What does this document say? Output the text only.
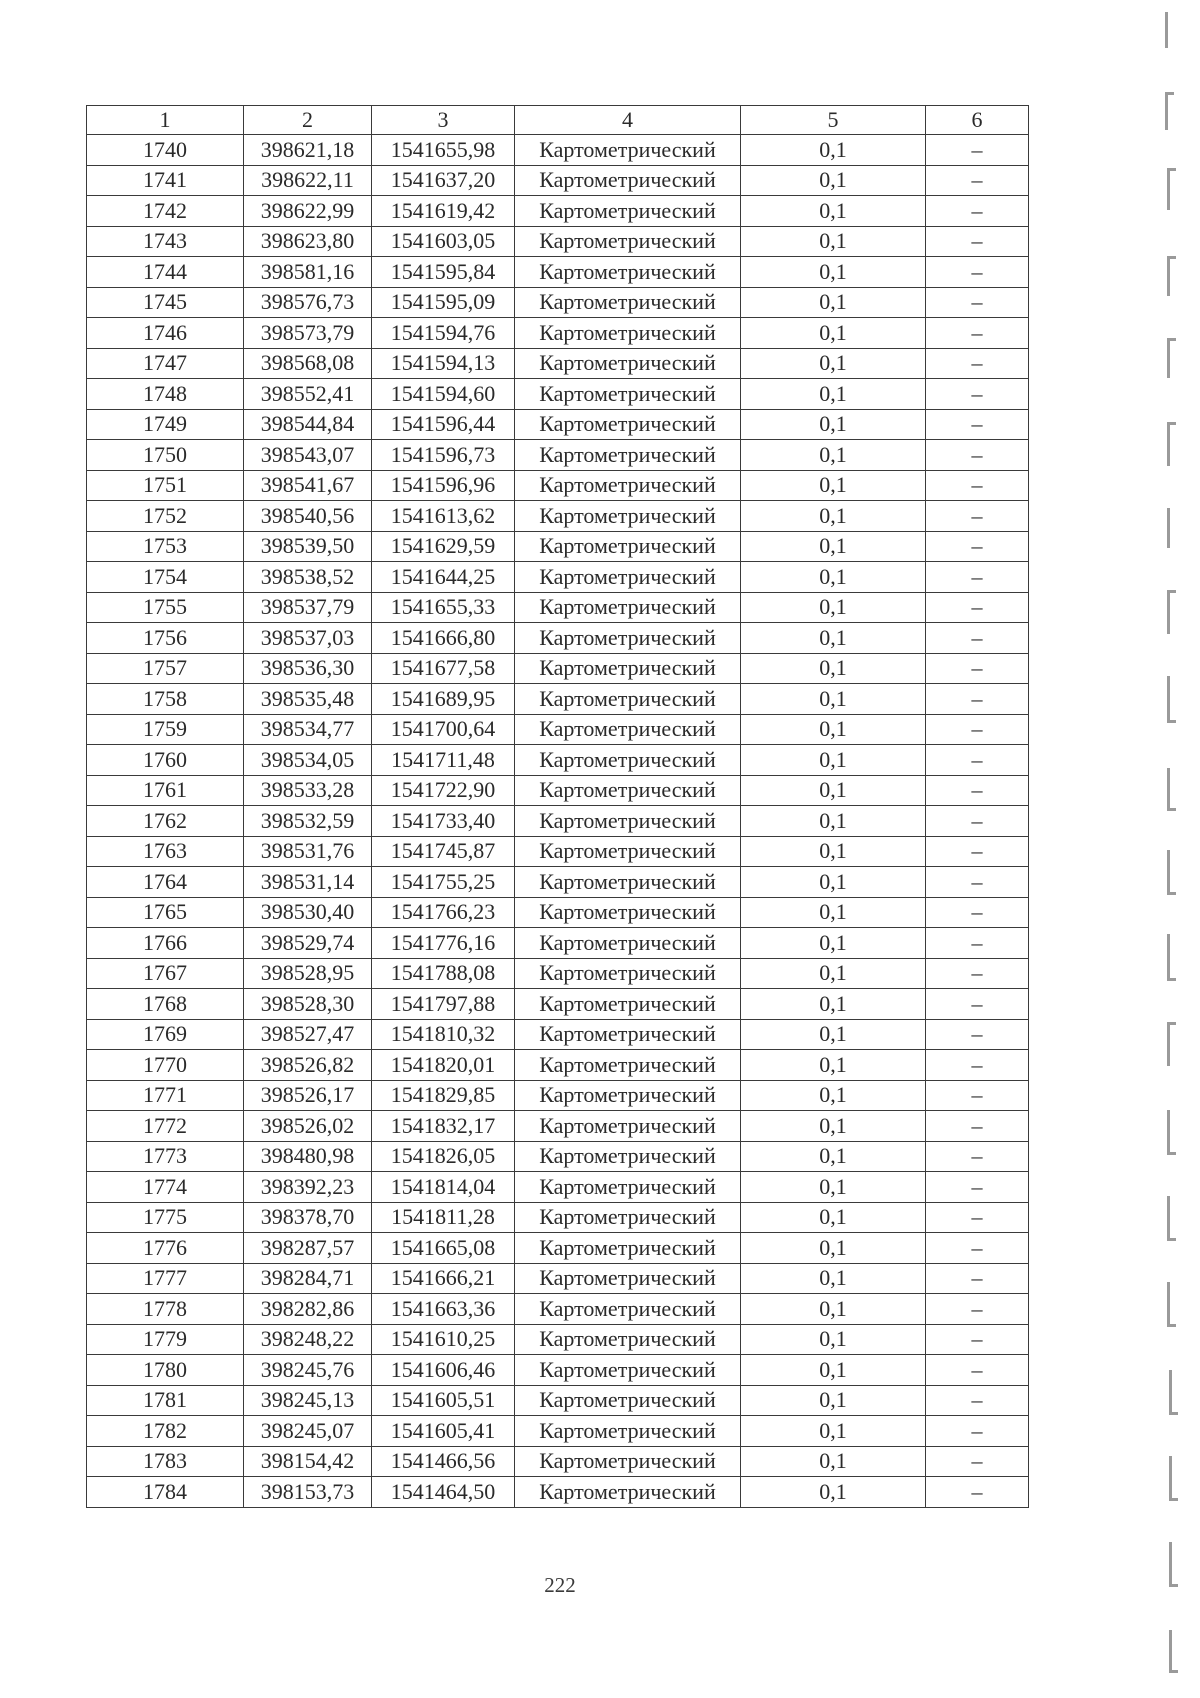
1	2	3	4	5	6
1740	398621,18	1541655,98	Картометрический	0,1	–
1741	398622,11	1541637,20	Картометрический	0,1	–
1742	398622,99	1541619,42	Картометрический	0,1	–
1743	398623,80	1541603,05	Картометрический	0,1	–
1744	398581,16	1541595,84	Картометрический	0,1	–
1745	398576,73	1541595,09	Картометрический	0,1	–
1746	398573,79	1541594,76	Картометрический	0,1	–
1747	398568,08	1541594,13	Картометрический	0,1	–
1748	398552,41	1541594,60	Картометрический	0,1	–
1749	398544,84	1541596,44	Картометрический	0,1	–
1750	398543,07	1541596,73	Картометрический	0,1	–
1751	398541,67	1541596,96	Картометрический	0,1	–
1752	398540,56	1541613,62	Картометрический	0,1	–
1753	398539,50	1541629,59	Картометрический	0,1	–
1754	398538,52	1541644,25	Картометрический	0,1	–
1755	398537,79	1541655,33	Картометрический	0,1	–
1756	398537,03	1541666,80	Картометрический	0,1	–
1757	398536,30	1541677,58	Картометрический	0,1	–
1758	398535,48	1541689,95	Картометрический	0,1	–
1759	398534,77	1541700,64	Картометрический	0,1	–
1760	398534,05	1541711,48	Картометрический	0,1	–
1761	398533,28	1541722,90	Картометрический	0,1	–
1762	398532,59	1541733,40	Картометрический	0,1	–
1763	398531,76	1541745,87	Картометрический	0,1	–
1764	398531,14	1541755,25	Картометрический	0,1	–
1765	398530,40	1541766,23	Картометрический	0,1	–
1766	398529,74	1541776,16	Картометрический	0,1	–
1767	398528,95	1541788,08	Картометрический	0,1	–
1768	398528,30	1541797,88	Картометрический	0,1	–
1769	398527,47	1541810,32	Картометрический	0,1	–
1770	398526,82	1541820,01	Картометрический	0,1	–
1771	398526,17	1541829,85	Картометрический	0,1	–
1772	398526,02	1541832,17	Картометрический	0,1	–
1773	398480,98	1541826,05	Картометрический	0,1	–
1774	398392,23	1541814,04	Картометрический	0,1	–
1775	398378,70	1541811,28	Картометрический	0,1	–
1776	398287,57	1541665,08	Картометрический	0,1	–
1777	398284,71	1541666,21	Картометрический	0,1	–
1778	398282,86	1541663,36	Картометрический	0,1	–
1779	398248,22	1541610,25	Картометрический	0,1	–
1780	398245,76	1541606,46	Картометрический	0,1	–
1781	398245,13	1541605,51	Картометрический	0,1	–
1782	398245,07	1541605,41	Картометрический	0,1	–
1783	398154,42	1541466,56	Картометрический	0,1	–
1784	398153,73	1541464,50	Картометрический	0,1	–
222
